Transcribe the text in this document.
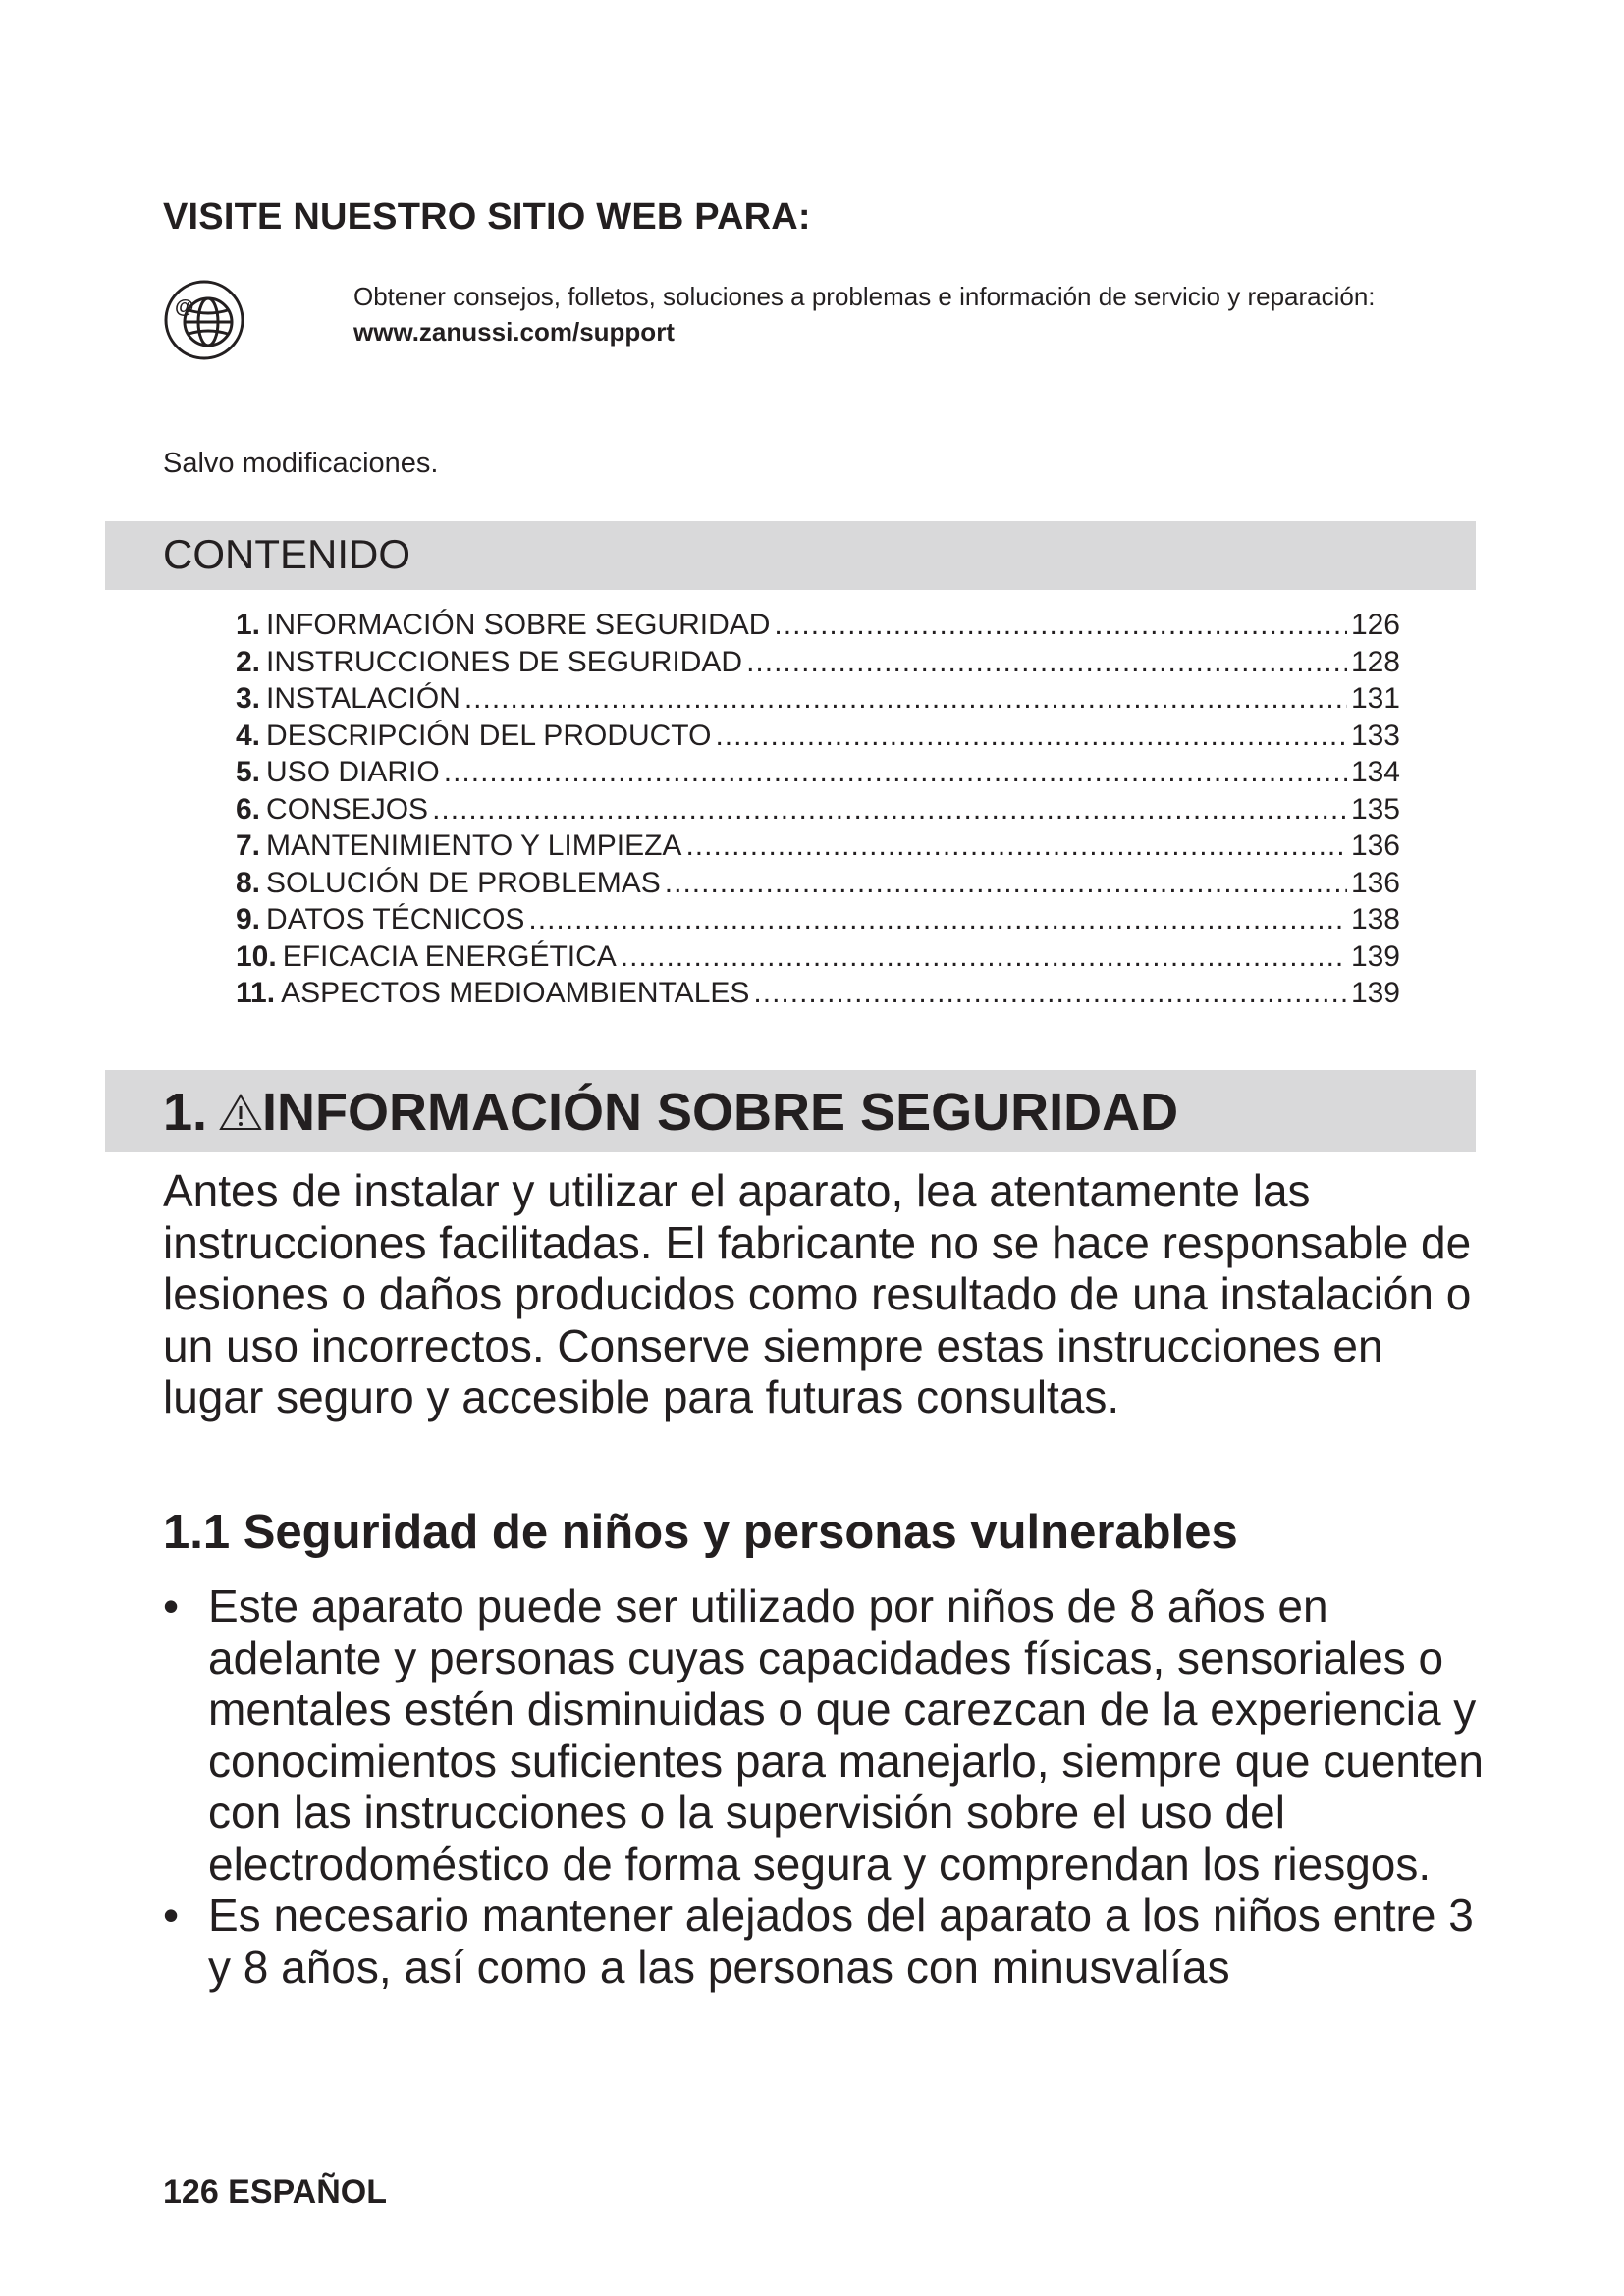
VISITE NUESTRO SITIO WEB PARA:
@	Obtener consejos, folletos, soluciones a problemas e información de servicio y reparación:
www.zanussi.com/support
Salvo modificaciones.
CONTENIDO
1. INFORMACIÓN SOBRE SEGURIDAD .....	126
2. INSTRUCCIONES DE SEGURIDAD .....	128
3. INSTALACIÓN .....	131
4. DESCRIPCIÓN DEL PRODUCTO .....	133
5. USO DIARIO .....	134
6. CONSEJOS .....	135
7. MANTENIMIENTO Y LIMPIEZA .....	136
8. SOLUCIÓN DE PROBLEMAS .....	136
9. DATOS TÉCNICOS .....	138
10. EFICACIA ENERGÉTICA .....	139
11. ASPECTOS MEDIOAMBIENTALES .....	139
1. INFORMACIÓN SOBRE SEGURIDAD

Antes de instalar y utilizar el aparato, lea atentamente las instrucciones facilitadas. El fabricante no se hace responsable de lesiones o daños producidos como resultado de una instalación o un uso incorrectos. Conserve siempre estas instrucciones en lugar seguro y accesible para futuras consultas.

1.1 Seguridad de niños y personas vulnerables
• Este aparato puede ser utilizado por niños de 8 años en adelante y personas cuyas capacidades físicas, sensoriales o mentales estén disminuidas o que carezcan de la experiencia y conocimientos suficientes para manejarlo, siempre que cuenten con las instrucciones o la supervisión sobre el uso del electrodoméstico de forma segura y comprendan los riesgos.
• Es necesario mantener alejados del aparato a los niños entre 3 y 8 años, así como a las personas con minusvalías
126 ESPAÑOL
